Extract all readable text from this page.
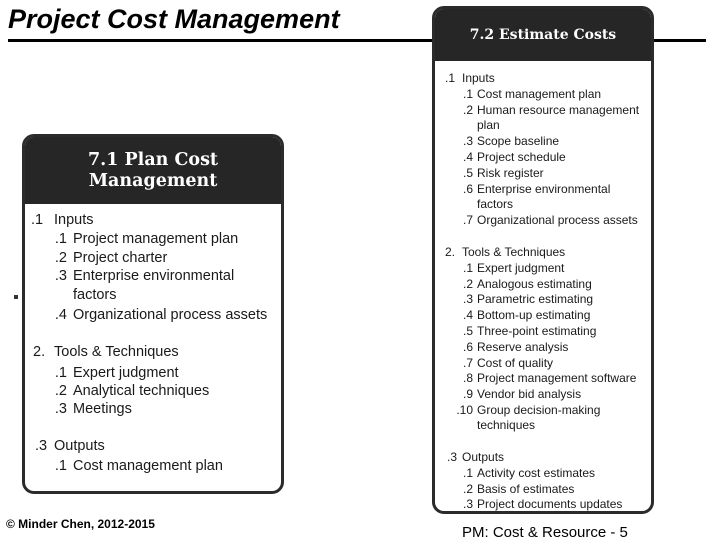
Project Cost Management
7.1 Plan Cost
Management
.1 Inputs
.1 Project management plan
.2 Project charter
.3 Enterprise environmental
factors
.4 Organizational process assets
2. Tools & Techniques
.1 Expert judgment
.2 Analytical techniques
.3 Meetings
.3 Outputs
.1 Cost management plan
7.2 Estimate Costs
.1 Inputs
.1 Cost management plan
.2 Human resource management
plan
.3 Scope baseline
.4 Project schedule
.5 Risk register
.6 Enterprise environmental
factors
.7 Organizational process assets
2. Tools & Techniques
.1 Expert judgment
.2 Analogous estimating
.3 Parametric estimating
.4 Bottom-up estimating
.5 Three-point estimating
.6 Reserve analysis
.7 Cost of quality
.8 Project management software
.9 Vendor bid analysis
.10 Group decision-making
techniques
.3 Outputs
.1 Activity cost estimates
.2 Basis of estimates
.3 Project documents updates
© Minder Chen, 2012-2015	PM: Cost & Resource - 5
